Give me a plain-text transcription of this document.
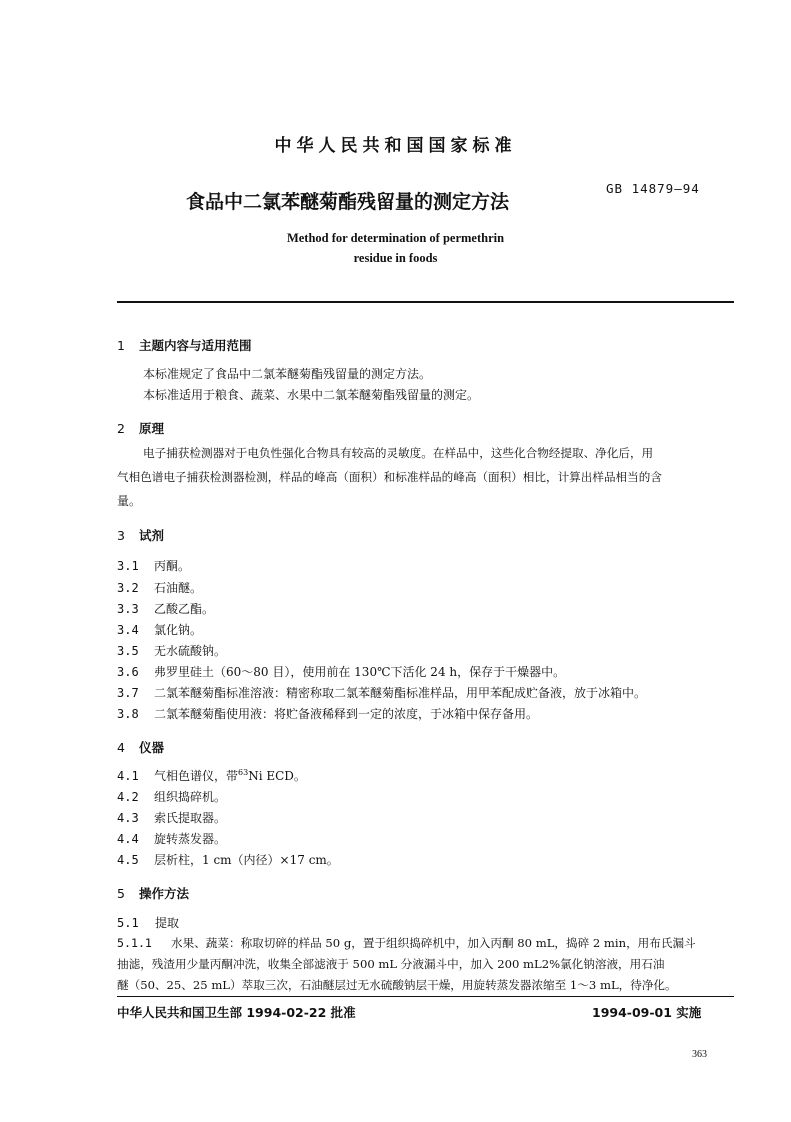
中华人民共和国国家标准
食品中二氯苯醚菊酯残留量的测定方法
GB 14879—94
Method for determination of permethrin
residue in foods
1 主题内容与适用范围
本标准规定了食品中二氯苯醚菊酯残留量的测定方法。
本标准适用于粮食、蔬菜、水果中二氯苯醚菊酯残留量的测定。
2 原理
电子捕获检测器对于电负性强化合物具有较高的灵敏度。在样品中，这些化合物经提取、净化后，用
气相色谱电子捕获检测器检测，样品的峰高（面积）和标准样品的峰高（面积）相比，计算出样品相当的含
量。
3 试剂
3.1 丙酮。
3.2 石油醚。
3.3 乙酸乙酯。
3.4 氯化钠。
3.5 无水硫酸钠。
3.6 弗罗里硅土（60～80 目），使用前在 130℃下活化 24 h，保存于干燥器中。
3.7 二氯苯醚菊酯标准溶液：精密称取二氯苯醚菊酯标准样品，用甲苯配成贮备液，放于冰箱中。
3.8 二氯苯醚菊酯使用液：将贮备液稀释到一定的浓度，于冰箱中保存备用。
4 仪器
4.1 气相色谱仪，带$^{63}$Ni ECD。
4.2 组织捣碎机。
4.3 索氏提取器。
4.4 旋转蒸发器。
4.5 层析柱，1 cm（内径）×17 cm。
5 操作方法
5.1 提取
5.1.1 水果、蔬菜：称取切碎的样品 50 g，置于组织捣碎机中，加入丙酮 80 mL，捣碎 2 min，用布氏漏斗
抽滤，残渣用少量丙酮冲洗，收集全部滤液于 500 mL 分液漏斗中，加入 200 mL2%氯化钠溶液，用石油
醚（50、25、25 mL）萃取三次，石油醚层过无水硫酸钠层干燥，用旋转蒸发器浓缩至 1～3 mL，待净化。
中华人民共和国卫生部 1994-02-22 批准	1994-09-01 实施
363
